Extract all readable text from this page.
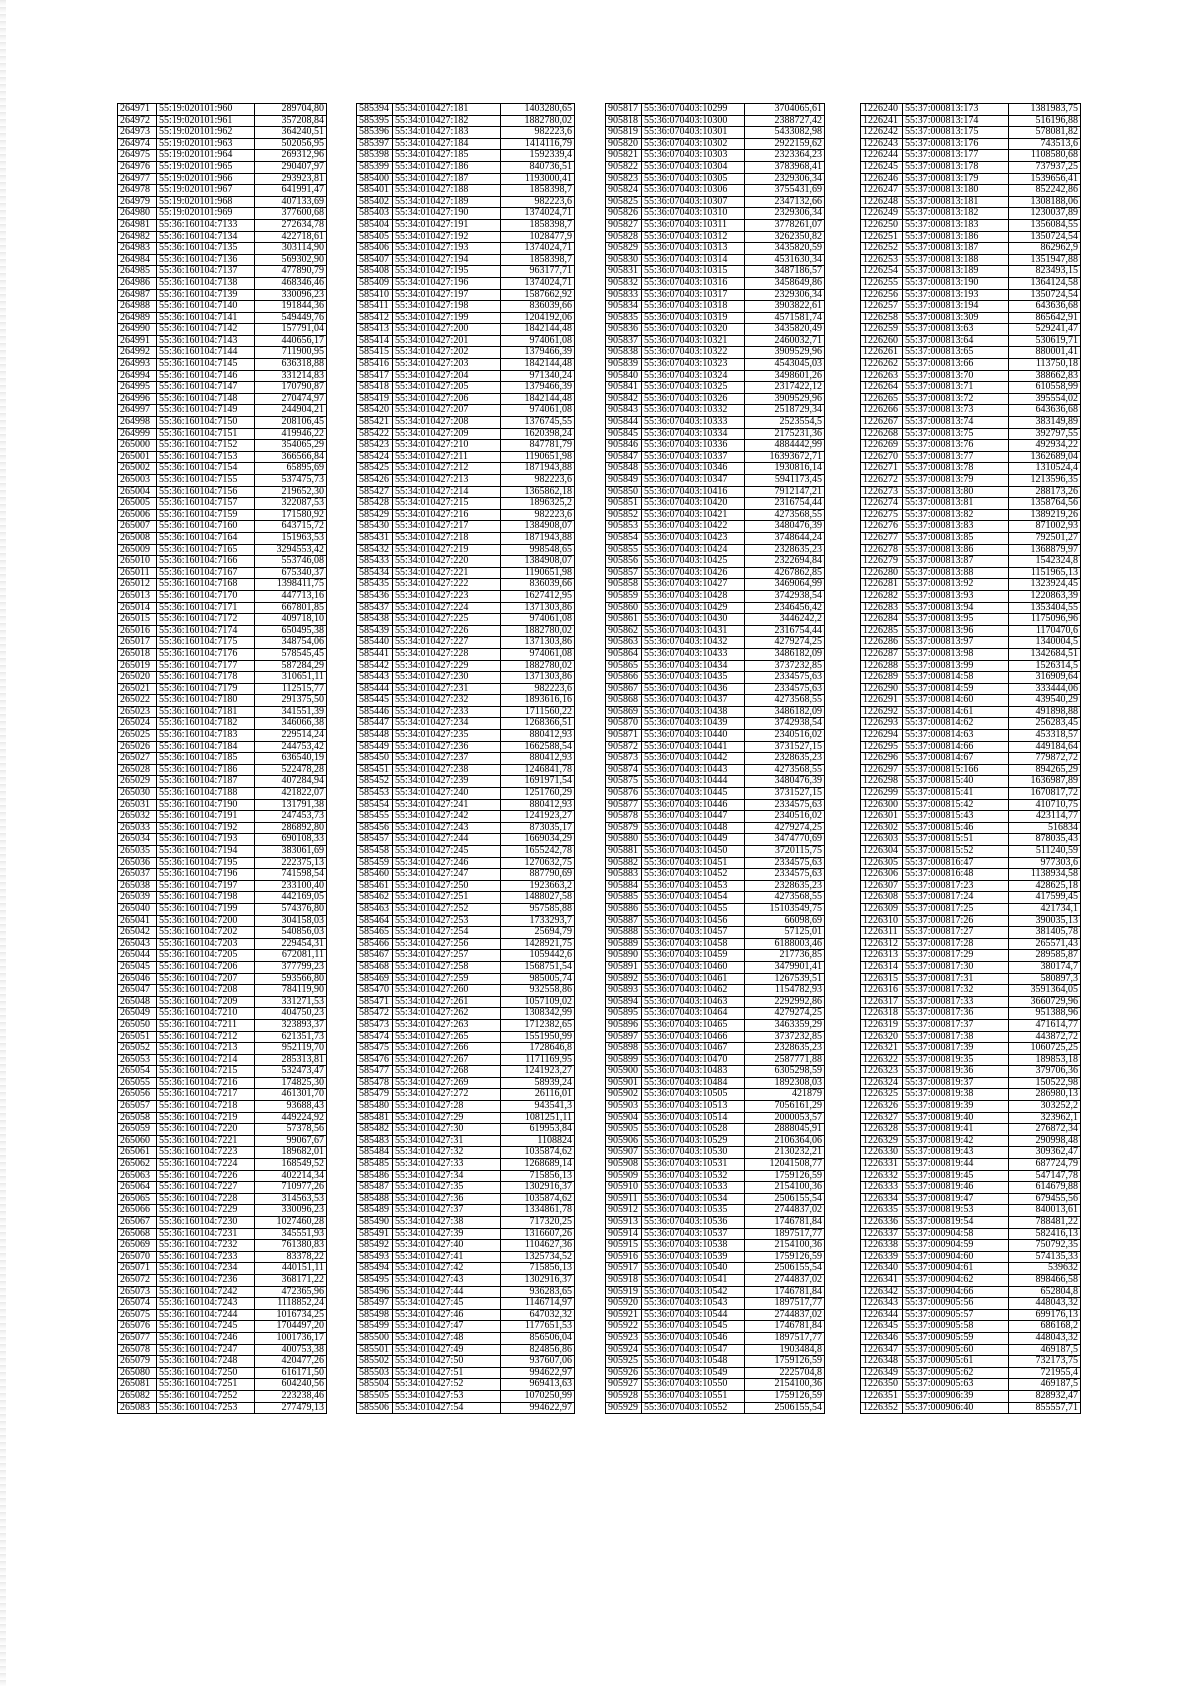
264971	55:19:020101:960	289704,80
264972	55:19:020101:961	357208,84
264973	55:19:020101:962	364240,51
264974	55:19:020101:963	502056,95
264975	55:19:020101:964	269312,96
264976	55:19:020101:965	290407,97
264977	55:19:020101:966	293923,81
264978	55:19:020101:967	641991,47
264979	55:19:020101:968	407133,69
264980	55:19:020101:969	377600,68
264981	55:36:160104:7133	272634,78
264982	55:36:160104:7134	422718,61
264983	55:36:160104:7135	303114,90
264984	55:36:160104:7136	569302,90
264985	55:36:160104:7137	477890,79
264986	55:36:160104:7138	468346,46
264987	55:36:160104:7139	330096,23
264988	55:36:160104:7140	191844,36
264989	55:36:160104:7141	549449,76
264990	55:36:160104:7142	157791,04
264991	55:36:160104:7143	440656,17
264992	55:36:160104:7144	711900,95
264993	55:36:160104:7145	636318,88
264994	55:36:160104:7146	331214,83
264995	55:36:160104:7147	170790,87
264996	55:36:160104:7148	270474,97
264997	55:36:160104:7149	244904,21
264998	55:36:160104:7150	208106,45
264999	55:36:160104:7151	419946,22
265000	55:36:160104:7152	354065,29
265001	55:36:160104:7153	366566,84
265002	55:36:160104:7154	65895,69
265003	55:36:160104:7155	537475,73
265004	55:36:160104:7156	219652,30
265005	55:36:160104:7157	322087,53
265006	55:36:160104:7159	171580,92
265007	55:36:160104:7160	643715,72
265008	55:36:160104:7164	151963,53
265009	55:36:160104:7165	3294553,42
265010	55:36:160104:7166	553746,08
265011	55:36:160104:7167	675340,37
265012	55:36:160104:7168	1398411,75
265013	55:36:160104:7170	447713,16
265014	55:36:160104:7171	667801,85
265015	55:36:160104:7172	409718,10
265016	55:36:160104:7174	650495,38
265017	55:36:160104:7175	348754,06
265018	55:36:160104:7176	578545,45
265019	55:36:160104:7177	587284,29
265020	55:36:160104:7178	310651,11
265021	55:36:160104:7179	112515,77
265022	55:36:160104:7180	291375,50
265023	55:36:160104:7181	341551,39
265024	55:36:160104:7182	346066,38
265025	55:36:160104:7183	229514,24
265026	55:36:160104:7184	244753,42
265027	55:36:160104:7185	636540,19
265028	55:36:160104:7186	522478,28
265029	55:36:160104:7187	407284,94
265030	55:36:160104:7188	421822,07
265031	55:36:160104:7190	131791,38
265032	55:36:160104:7191	247453,73
265033	55:36:160104:7192	286892,80
265034	55:36:160104:7193	690108,33
265035	55:36:160104:7194	383061,69
265036	55:36:160104:7195	222375,13
265037	55:36:160104:7196	741598,54
265038	55:36:160104:7197	233100,40
265039	55:36:160104:7198	442169,05
265040	55:36:160104:7199	574376,80
265041	55:36:160104:7200	304158,03
265042	55:36:160104:7202	540856,03
265043	55:36:160104:7203	229454,31
265044	55:36:160104:7205	672081,11
265045	55:36:160104:7206	377799,23
265046	55:36:160104:7207	593566,80
265047	55:36:160104:7208	784119,90
265048	55:36:160104:7209	331271,53
265049	55:36:160104:7210	404750,23
265050	55:36:160104:7211	323893,37
265051	55:36:160104:7212	621351,73
265052	55:36:160104:7213	952119,70
265053	55:36:160104:7214	285313,81
265054	55:36:160104:7215	532473,47
265055	55:36:160104:7216	174825,30
265056	55:36:160104:7217	461301,70
265057	55:36:160104:7218	93688,43
265058	55:36:160104:7219	449224,92
265059	55:36:160104:7220	57378,56
265060	55:36:160104:7221	99067,67
265061	55:36:160104:7223	189682,01
265062	55:36:160104:7224	168549,52
265063	55:36:160104:7226	402214,34
265064	55:36:160104:7227	710977,26
265065	55:36:160104:7228	314563,53
265066	55:36:160104:7229	330096,23
265067	55:36:160104:7230	1027460,28
265068	55:36:160104:7231	345551,93
265069	55:36:160104:7232	761380,83
265070	55:36:160104:7233	83378,22
265071	55:36:160104:7234	440151,11
265072	55:36:160104:7236	368171,22
265073	55:36:160104:7242	472365,96
265074	55:36:160104:7243	1118852,24
265075	55:36:160104:7244	1016734,25
265076	55:36:160104:7245	1704497,20
265077	55:36:160104:7246	1001736,17
265078	55:36:160104:7247	400753,38
265079	55:36:160104:7248	420477,26
265080	55:36:160104:7250	616171,50
265081	55:36:160104:7251	604240,56
265082	55:36:160104:7252	223238,46
265083	55:36:160104:7253	277479,13
585394	55:34:010427:181	1403280,65
585395	55:34:010427:182	1882780,02
585396	55:34:010427:183	982223,6
585397	55:34:010427:184	1414116,79
585398	55:34:010427:185	1592339,4
585399	55:34:010427:186	840736,51
585400	55:34:010427:187	1193000,41
585401	55:34:010427:188	1858398,7
585402	55:34:010427:189	982223,6
585403	55:34:010427:190	1374024,71
585404	55:34:010427:191	1858398,7
585405	55:34:010427:192	1028477,9
585406	55:34:010427:193	1374024,71
585407	55:34:010427:194	1858398,7
585408	55:34:010427:195	963177,71
585409	55:34:010427:196	1374024,71
585410	55:34:010427:197	1587662,92
585411	55:34:010427:198	836039,66
585412	55:34:010427:199	1204192,06
585413	55:34:010427:200	1842144,48
585414	55:34:010427:201	974061,08
585415	55:34:010427:202	1379466,39
585416	55:34:010427:203	1842144,48
585417	55:34:010427:204	971340,24
585418	55:34:010427:205	1379466,39
585419	55:34:010427:206	1842144,48
585420	55:34:010427:207	974061,08
585421	55:34:010427:208	1376745,55
585422	55:34:010427:209	1620398,24
585423	55:34:010427:210	847781,79
585424	55:34:010427:211	1190651,98
585425	55:34:010427:212	1871943,88
585426	55:34:010427:213	982223,6
585427	55:34:010427:214	1365862,18
585428	55:34:010427:215	1896325,2
585429	55:34:010427:216	982223,6
585430	55:34:010427:217	1384908,07
585431	55:34:010427:218	1871943,88
585432	55:34:010427:219	998548,65
585433	55:34:010427:220	1384908,07
585434	55:34:010427:221	1190651,98
585435	55:34:010427:222	836039,66
585436	55:34:010427:223	1627412,95
585437	55:34:010427:224	1371303,86
585438	55:34:010427:225	974061,08
585439	55:34:010427:226	1882780,02
585440	55:34:010427:227	1371303,86
585441	55:34:010427:228	974061,08
585442	55:34:010427:229	1882780,02
585443	55:34:010427:230	1371303,86
585444	55:34:010427:231	982223,6
585445	55:34:010427:232	1893616,16
585446	55:34:010427:233	1711560,22
585447	55:34:010427:234	1268366,51
585448	55:34:010427:235	880412,93
585449	55:34:010427:236	1662588,54
585450	55:34:010427:237	880412,93
585451	55:34:010427:238	1246841,78
585452	55:34:010427:239	1691971,54
585453	55:34:010427:240	1251760,29
585454	55:34:010427:241	880412,93
585455	55:34:010427:242	1241923,27
585456	55:34:010427:243	873035,17
585457	55:34:010427:244	1669034,29
585458	55:34:010427:245	1655242,78
585459	55:34:010427:246	1270632,75
585460	55:34:010427:247	887790,69
585461	55:34:010427:250	1923663,2
585462	55:34:010427:251	1488027,58
585463	55:34:010427:252	957585,88
585464	55:34:010427:253	1733293,7
585465	55:34:010427:254	25694,79
585466	55:34:010427:256	1428921,75
585467	55:34:010427:257	1059442,6
585468	55:34:010427:258	1568751,54
585469	55:34:010427:259	985005,74
585470	55:34:010427:260	932558,86
585471	55:34:010427:261	1057109,02
585472	55:34:010427:262	1308342,99
585473	55:34:010427:263	1712382,65
585474	55:34:010427:265	1551950,99
585475	55:34:010427:266	1728646,8
585476	55:34:010427:267	1171169,95
585477	55:34:010427:268	1241923,27
585478	55:34:010427:269	58939,24
585479	55:34:010427:272	26116,01
585480	55:34:010427:28	943541,3
585481	55:34:010427:29	1081251,11
585482	55:34:010427:30	619953,84
585483	55:34:010427:31	1108824
585484	55:34:010427:32	1035874,62
585485	55:34:010427:33	1268689,14
585486	55:34:010427:34	715856,13
585487	55:34:010427:35	1302916,37
585488	55:34:010427:36	1035874,62
585489	55:34:010427:37	1334861,78
585490	55:34:010427:38	717320,25
585491	55:34:010427:39	1316607,26
585492	55:34:010427:40	1104627,36
585493	55:34:010427:41	1325734,52
585494	55:34:010427:42	715856,13
585495	55:34:010427:43	1302916,37
585496	55:34:010427:44	936283,65
585497	55:34:010427:45	1146714,97
585498	55:34:010427:46	647032,32
585499	55:34:010427:47	1177651,53
585500	55:34:010427:48	856506,04
585501	55:34:010427:49	824856,86
585502	55:34:010427:50	937607,06
585503	55:34:010427:51	994622,97
585504	55:34:010427:52	969413,63
585505	55:34:010427:53	1070250,99
585506	55:34:010427:54	994622,97
905817	55:36:070403:10299	3704065,61
905818	55:36:070403:10300	2388727,42
905819	55:36:070403:10301	5433082,98
905820	55:36:070403:10302	2922159,62
905821	55:36:070403:10303	2323364,23
905822	55:36:070403:10304	3783968,41
905823	55:36:070403:10305	2329306,34
905824	55:36:070403:10306	3755431,69
905825	55:36:070403:10307	2347132,66
905826	55:36:070403:10310	2329306,34
905827	55:36:070403:10311	3778261,07
905828	55:36:070403:10312	3262350,82
905829	55:36:070403:10313	3435820,59
905830	55:36:070403:10314	4531630,34
905831	55:36:070403:10315	3487186,57
905832	55:36:070403:10316	3458649,86
905833	55:36:070403:10317	2329306,34
905834	55:36:070403:10318	3903822,61
905835	55:36:070403:10319	4571581,74
905836	55:36:070403:10320	3435820,49
905837	55:36:070403:10321	2460032,71
905838	55:36:070403:10322	3909529,96
905839	55:36:070403:10323	4543045,03
905840	55:36:070403:10324	3498601,26
905841	55:36:070403:10325	2317422,12
905842	55:36:070403:10326	3909529,96
905843	55:36:070403:10332	2518729,34
905844	55:36:070403:10333	2523554,5
905845	55:36:070403:10334	2175231,36
905846	55:36:070403:10336	4884442,99
905847	55:36:070403:10337	16393672,71
905848	55:36:070403:10346	1930816,14
905849	55:36:070403:10347	5941173,45
905850	55:36:070403:10416	7912147,21
905851	55:36:070403:10420	2316754,44
905852	55:36:070403:10421	4273568,55
905853	55:36:070403:10422	3480476,39
905854	55:36:070403:10423	3748644,24
905855	55:36:070403:10424	2328635,23
905856	55:36:070403:10425	2322694,84
905857	55:36:070403:10426	4267862,85
905858	55:36:070403:10427	3469064,99
905859	55:36:070403:10428	3742938,54
905860	55:36:070403:10429	2346456,42
905861	55:36:070403:10430	3446242,2
905862	55:36:070403:10431	2316754,44
905863	55:36:070403:10432	4279274,25
905864	55:36:070403:10433	3486182,09
905865	55:36:070403:10434	3737232,85
905866	55:36:070403:10435	2334575,63
905867	55:36:070403:10436	2334575,63
905868	55:36:070403:10437	4273568,55
905869	55:36:070403:10438	3486182,09
905870	55:36:070403:10439	3742938,54
905871	55:36:070403:10440	2340516,02
905872	55:36:070403:10441	3731527,15
905873	55:36:070403:10442	2328635,23
905874	55:36:070403:10443	4273568,55
905875	55:36:070403:10444	3480476,39
905876	55:36:070403:10445	3731527,15
905877	55:36:070403:10446	2334575,63
905878	55:36:070403:10447	2340516,02
905879	55:36:070403:10448	4279274,25
905880	55:36:070403:10449	3474770,69
905881	55:36:070403:10450	3720115,75
905882	55:36:070403:10451	2334575,63
905883	55:36:070403:10452	2334575,63
905884	55:36:070403:10453	2328635,23
905885	55:36:070403:10454	4273568,55
905886	55:36:070403:10455	15103549,75
905887	55:36:070403:10456	66098,69
905888	55:36:070403:10457	57125,01
905889	55:36:070403:10458	6188003,46
905890	55:36:070403:10459	217736,85
905891	55:36:070403:10460	3479901,41
905892	55:36:070403:10461	1267539,51
905893	55:36:070403:10462	1154782,93
905894	55:36:070403:10463	2292992,86
905895	55:36:070403:10464	4279274,25
905896	55:36:070403:10465	3463359,29
905897	55:36:070403:10466	3737232,85
905898	55:36:070403:10467	2328635,23
905899	55:36:070403:10470	2587771,88
905900	55:36:070403:10483	6305298,59
905901	55:36:070403:10484	1892308,03
905902	55:36:070403:10505	421879
905903	55:36:070403:10513	7056161,29
905904	55:36:070403:10514	2000053,57
905905	55:36:070403:10528	2888045,91
905906	55:36:070403:10529	2106364,06
905907	55:36:070403:10530	2130232,21
905908	55:36:070403:10531	12041508,77
905909	55:36:070403:10532	1759126,59
905910	55:36:070403:10533	2154100,36
905911	55:36:070403:10534	2506155,54
905912	55:36:070403:10535	2744837,02
905913	55:36:070403:10536	1746781,84
905914	55:36:070403:10537	1897517,77
905915	55:36:070403:10538	2154100,36
905916	55:36:070403:10539	1759126,59
905917	55:36:070403:10540	2506155,54
905918	55:36:070403:10541	2744837,02
905919	55:36:070403:10542	1746781,84
905920	55:36:070403:10543	1897517,77
905921	55:36:070403:10544	2744837,02
905922	55:36:070403:10545	1746781,84
905923	55:36:070403:10546	1897517,77
905924	55:36:070403:10547	1903484,8
905925	55:36:070403:10548	1759126,59
905926	55:36:070403:10549	2225704,8
905927	55:36:070403:10550	2154100,36
905928	55:36:070403:10551	1759126,59
905929	55:36:070403:10552	2506155,54
1226240	55:37:000813:173	1381983,75
1226241	55:37:000813:174	516196,88
1226242	55:37:000813:175	578081,82
1226243	55:37:000813:176	743513,6
1226244	55:37:000813:177	1108580,68
1226245	55:37:000813:178	737937,25
1226246	55:37:000813:179	1539656,41
1226247	55:37:000813:180	852242,86
1226248	55:37:000813:181	1308188,06
1226249	55:37:000813:182	1230037,89
1226250	55:37:000813:183	1356084,55
1226251	55:37:000813:186	1350724,54
1226252	55:37:000813:187	862962,9
1226253	55:37:000813:188	1351947,88
1226254	55:37:000813:189	823493,15
1226255	55:37:000813:190	1364124,58
1226256	55:37:000813:193	1350724,54
1226257	55:37:000813:194	643636,68
1226258	55:37:000813:309	865642,91
1226259	55:37:000813:63	529241,47
1226260	55:37:000813:64	530619,71
1226261	55:37:000813:65	880001,41
1226262	55:37:000813:66	113750,18
1226263	55:37:000813:70	388662,83
1226264	55:37:000813:71	610558,99
1226265	55:37:000813:72	395554,02
1226266	55:37:000813:73	643636,68
1226267	55:37:000813:74	383149,89
1226268	55:37:000813:75	392797,55
1226269	55:37:000813:76	492934,22
1226270	55:37:000813:77	1362689,04
1226271	55:37:000813:78	1310524,4
1226272	55:37:000813:79	1213596,35
1226273	55:37:000813:80	288173,26
1226274	55:37:000813:81	1358764,56
1226275	55:37:000813:82	1389219,26
1226276	55:37:000813:83	871002,93
1226277	55:37:000813:85	792501,27
1226278	55:37:000813:86	1368879,97
1226279	55:37:000813:87	1542324,8
1226280	55:37:000813:88	1151965,13
1226281	55:37:000813:92	1323924,45
1226282	55:37:000813:93	1220863,39
1226283	55:37:000813:94	1353404,55
1226284	55:37:000813:95	1175096,96
1226285	55:37:000813:96	1170470,6
1226286	55:37:000813:97	1340004,5
1226287	55:37:000813:98	1342684,51
1226288	55:37:000813:99	1526314,5
1226289	55:37:000814:58	316909,64
1226290	55:37:000814:59	333444,06
1226291	55:37:000814:60	439540,29
1226292	55:37:000814:61	491898,88
1226293	55:37:000814:62	256283,45
1226294	55:37:000814:63	453318,57
1226295	55:37:000814:66	449184,64
1226296	55:37:000814:67	779872,72
1226297	55:37:000815:166	894265,29
1226298	55:37:000815:40	1636987,89
1226299	55:37:000815:41	1670817,72
1226300	55:37:000815:42	410710,75
1226301	55:37:000815:43	423114,77
1226302	55:37:000815:46	516834
1226303	55:37:000815:51	878035,43
1226304	55:37:000815:52	511240,59
1226305	55:37:000816:47	977303,6
1226306	55:37:000816:48	1138934,58
1226307	55:37:000817:23	428625,18
1226308	55:37:000817:24	417599,45
1226309	55:37:000817:25	421734,1
1226310	55:37:000817:26	390035,13
1226311	55:37:000817:27	381405,78
1226312	55:37:000817:28	265571,43
1226313	55:37:000817:29	289585,87
1226314	55:37:000817:30	380174,7
1226315	55:37:000817:31	580897,3
1226316	55:37:000817:32	3591364,05
1226317	55:37:000817:33	3660729,96
1226318	55:37:000817:36	951388,96
1226319	55:37:000817:37	471614,77
1226320	55:37:000817:38	443872,72
1226321	55:37:000817:39	1060725,25
1226322	55:37:000819:35	189853,18
1226323	55:37:000819:36	379706,36
1226324	55:37:000819:37	150522,98
1226325	55:37:000819:38	286980,13
1226326	55:37:000819:39	303252,2
1226327	55:37:000819:40	323962,1
1226328	55:37:000819:41	276872,34
1226329	55:37:000819:42	290998,48
1226330	55:37:000819:43	309362,47
1226331	55:37:000819:44	687724,79
1226332	55:37:000819:45	547147,78
1226333	55:37:000819:46	614679,88
1226334	55:37:000819:47	679455,56
1226335	55:37:000819:53	840013,61
1226336	55:37:000819:54	788481,22
1226337	55:37:000904:58	582416,13
1226338	55:37:000904:59	750792,35
1226339	55:37:000904:60	574135,33
1226340	55:37:000904:61	539632
1226341	55:37:000904:62	898466,58
1226342	55:37:000904:66	652804,8
1226343	55:37:000905:56	448043,32
1226344	55:37:000905:57	699176,13
1226345	55:37:000905:58	686168,2
1226346	55:37:000905:59	448043,32
1226347	55:37:000905:60	469187,5
1226348	55:37:000905:61	732173,75
1226349	55:37:000905:62	721955,4
1226350	55:37:000905:63	469187,5
1226351	55:37:000906:39	828932,47
1226352	55:37:000906:40	855557,71
